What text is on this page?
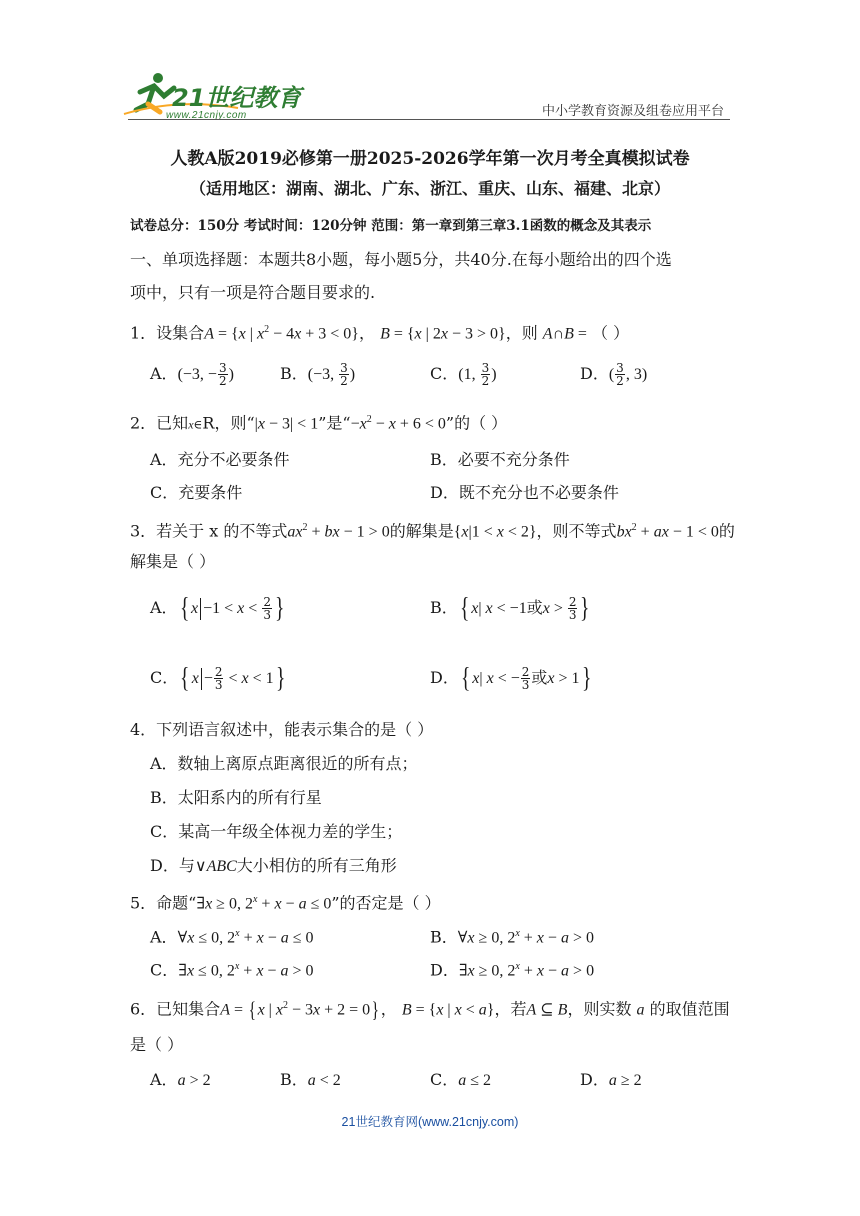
21世纪教育
www.21cnjy.com	中小学教育资源及组卷应用平台
人教A版2019必修第一册2025-2026学年第一次月考全真模拟试卷
（适用地区：湖南、湖北、广东、浙江、重庆、山东、福建、北京）
试卷总分：150分 考试时间：120分钟 范围：第一章到第三章3.1函数的概念及其表示
一、单项选择题：本题共8小题，每小题5分，共40分.在每小题给出的四个选
项中，只有一项是符合题目要求的.
1．设集合A = {x | $x^2 - 4x + 3 < 0$}， B = {x | 2x − 3 > 0}，则 A∩B = （ ）
A．(−3, − $\frac{3}{2}$ )	B．(−3, $\frac{3}{2}$ )	C．(1, $\frac{3}{2}$ )	D．( $\frac{3}{2}$ , 3)
2．已知x∈R，则“|x − 3| < 1”是“$-x^2 - x + 6 < 0$”的（ ）
A．充分不必要条件	B．必要不充分条件
C．充要条件	D．既不充分也不必要条件
3．若关于 x 的不等式$ax^2$ + bx − 1 > 0的解集是{x|1 < x < 2}，则不等式$bx^2$ + ax − 1 < 0的
解集是（ ）
A．{ $x -1 < x < \frac{2}{3}$ }	B．{ x| x < −1或$x > \frac{2}{3}$ }
C．{ $x - \frac{2}{3} < x < 1$}	D．{ x| x < − $\frac{2}{3}$ 或x > 1}
4．下列语言叙述中，能表示集合的是（ ）
A．数轴上离原点距离很近的所有点；
B．太阳系内的所有行星
C．某高一年级全体视力差的学生；
D．与∨ABC大小相仿的所有三角形
5．命题“∃x ≥ 0, $2^x + x - a \le 0$”的否定是（ ）
A．∀x ≤ 0, $2^x + x - a \le 0$	B．∀x ≥ 0, $2^x + x - a > 0$
C．∃x ≤ 0, $2^x + x - a > 0$	D．∃x ≥ 0, $2^x + x - a > 0$
6．已知集合A = {x | $x^2 - 3x + 2 = 0$}， B = {x | x < a}，若A ⊆ B，则实数 a 的取值范围
是（ ）
A．a > 2	B．a < 2	C．a ≤ 2	D．a ≥ 2
21世纪教育网(www.21cnjy.com)
